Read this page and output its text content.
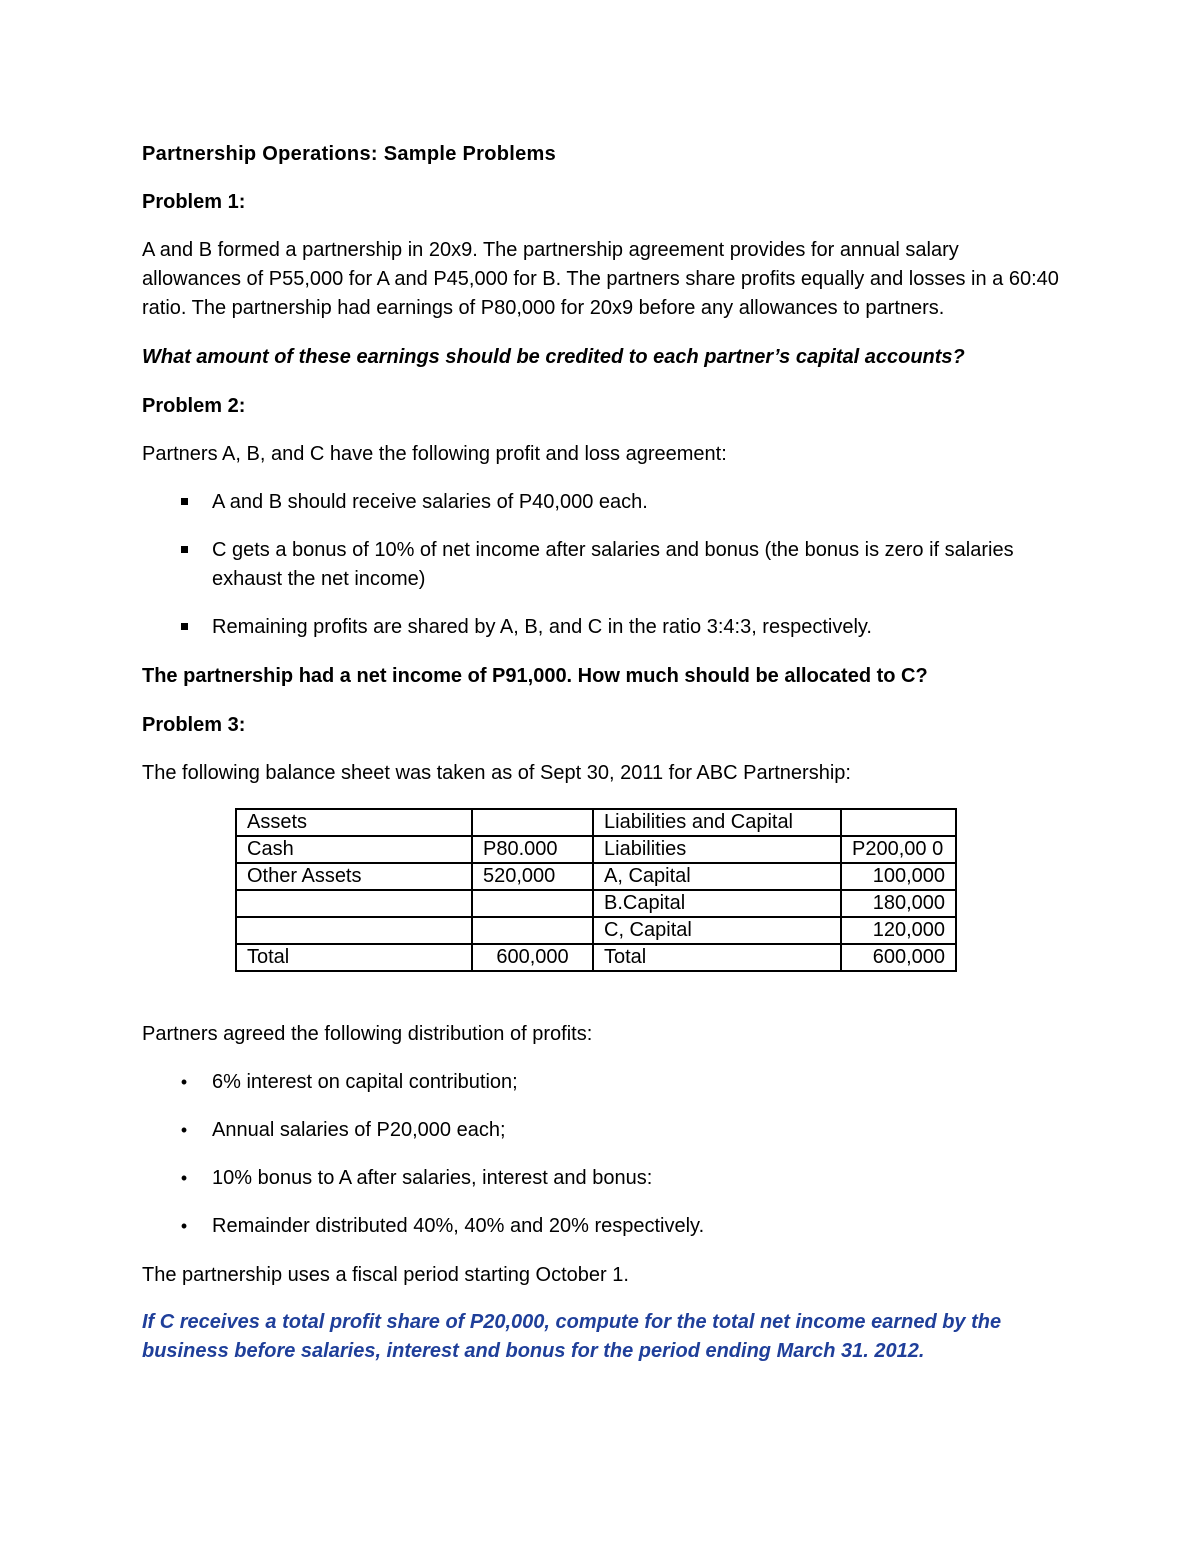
Partnership Operations: Sample Problems

Problem 1:

A and B formed a partnership in 20x9. The partnership agreement provides for annual salary allowances of P55,000 for A and P45,000 for B. The partners share profits equally and losses in a 60:40 ratio. The partnership had earnings of P80,000 for 20x9 before any allowances to partners.

What amount of these earnings should be credited to each partner’s capital accounts?

Problem 2:

Partners A, B, and C have the following profit and loss agreement:

A and B should receive salaries of P40,000 each.
C gets a bonus of 10% of net income after salaries and bonus (the bonus is zero if salaries exhaust the net income)
Remaining profits are shared by A, B, and C in the ratio 3:4:3, respectively.

The partnership had a net income of P91,000. How much should be allocated to C?

Problem 3:

The following balance sheet was taken as of Sept 30, 2011 for ABC Partnership:

Assets		Liabilities and Capital	
Cash	P80.000	Liabilities	P200,00 0
Other Assets	520,000	A, Capital	100,000
		B.Capital	180,000
		C, Capital	120,000
Total	600,000	Total	600,000

Partners agreed the following distribution of profits:

•	6% interest on capital contribution;
•	Annual salaries of P20,000 each;
•	10% bonus to A after salaries, interest and bonus:
•	Remainder distributed 40%, 40% and 20% respectively.

The partnership uses a fiscal period starting October 1.

If C receives a total profit share of P20,000, compute for the total net income earned by the business before salaries, interest and bonus for the period ending March 31. 2012.
